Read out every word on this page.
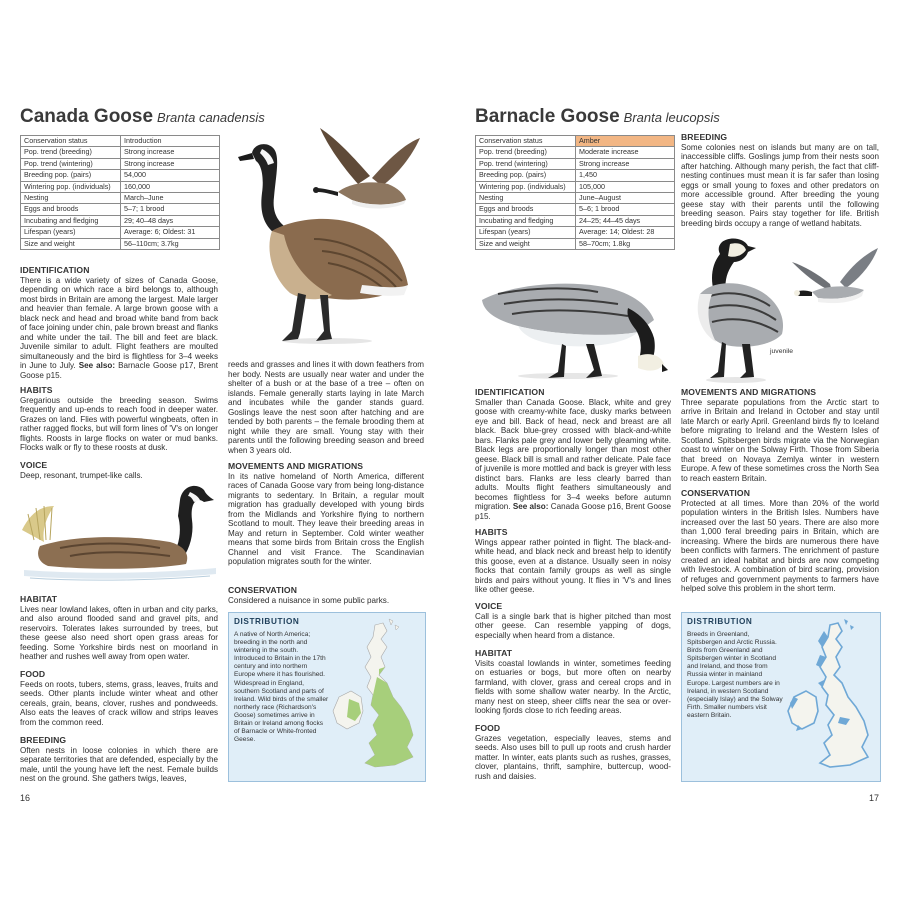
Canada Goose Branta canadensis
Conservation status	Introduction
Pop. trend (breeding)	Strong increase
Pop. trend (wintering)	Strong increase
Breeding pop. (pairs)	54,000
Wintering pop. (individuals)	160,000
Nesting	March–June
Eggs and broods	5–7; 1 brood
Incubating and fledging	29; 40–48 days
Lifespan (years)	Average: 6; Oldest: 31
Size and weight	56–110cm; 3.7kg
IDENTIFICATION

There is a wide variety of sizes of Canada Goose, depending on which race a bird belongs to, although most birds in Britain are among the largest. Male larger and heavier than female. A large brown goose with a black neck and head and broad white band from back of face joining under chin, pale brown breast and flanks and white under the tail. The bill and feet are black. Juvenile similar to adult. Flight feathers are moulted simultaneously and the bird is flightless for 3–4 weeks in June to July. See also: Barnacle Goose p17, Brent Goose p15.

HABITS

Gregarious outside the breeding season. Swims frequently and up-ends to reach food in deeper water. Grazes on land. Flies with powerful wingbeats, often in rather ragged flocks, but will form lines of 'V's on longer flights. Roosts in large flocks on water or mud banks. Flocks walk or fly to these roosts at dusk.

VOICE

Deep, resonant, trumpet-like calls.

HABITAT

Lives near lowland lakes, often in urban and city parks, and also around flooded sand and gravel pits, and reservoirs. Tolerates lakes surrounded by trees, but these geese also need short open grass areas for feeding. Some Yorkshire birds nest on moorland in heather and rushes well away from open water.

FOOD

Feeds on roots, tubers, stems, grass, leaves, fruits and seeds. Other plants include winter wheat and other cereals, grain, beans, clover, rushes and pondweeds. Also eats the leaves of crack willow and strips leaves from the common reed.

BREEDING

Often nests in loose colonies in which there are separate territories that are defended, especially by the male, until the young have left the nest. Female builds nest on the ground. She gathers twigs, leaves,

reeds and grasses and lines it with down feathers from her body. Nests are usually near water and under the shelter of a bush or at the base of a tree – often on islands. Female generally starts laying in late March and incubates while the gander stands guard. Goslings leave the nest soon after hatching and are tended by both parents – the female brooding them at night while they are small. Young stay with their parents until the following breeding season and breed when 3 years old.

MOVEMENTS AND MIGRATIONS

In its native homeland of North America, different races of Canada Goose vary from being long-distance migrants to sedentary. In Britain, a regular moult migration has gradually developed with young birds from the Midlands and Yorkshire flying to northern Scotland to moult. They leave their breeding areas in May and return in September. Cold winter weather means that some birds from Britain cross the English Channel and visit France. The Scandinavian population migrates south for the winter.

CONSERVATION

Considered a nuisance in some public parks.

DISTRIBUTION
A native of North America; breeding in the north and wintering in the south. Introduced to Britain in the 17th century and into northern Europe where it has flourished. Widespread in England, southern Scotland and parts of Ireland. Wild birds of the smaller northerly race (Richardson's Goose) sometimes arrive in Britain or Ireland among flocks of Barnacle or White-fronted Geese.
16
Barnacle Goose Branta leucopsis
Conservation status	Amber
Pop. trend (breeding)	Moderate increase
Pop. trend (wintering)	Strong increase
Breeding pop. (pairs)	1,450
Wintering pop. (individuals)	105,000
Nesting	June–August
Eggs and broods	5–6; 1 brood
Incubating and fledging	24–25; 44–45 days
Lifespan (years)	Average: 14; Oldest: 28
Size and weight	58–70cm; 1.8kg
BREEDING

Some colonies nest on islands but many are on tall, inaccessible cliffs. Goslings jump from their nests soon after hatching. Although many perish, the fact that cliff-nesting continues must mean it is far safer than losing eggs or small young to foxes and other predators on more accessible ground. After breeding the young geese stay with their parents until the following breeding season. Pairs stay together for life. British breeding birds occupy a range of wetland habitats.

juvenile
IDENTIFICATION

Smaller than Canada Goose. Black, white and grey goose with creamy-white face, dusky marks between eye and bill. Back of head, neck and breast are all black. Back blue-grey crossed with black-and-white bars. Flanks pale grey and lower belly gleaming white. Black legs are proportionally longer than most other geese. Black bill is small and rather delicate. Pale face of juvenile is more mottled and back is greyer with less distinct bars. Flanks are less clearly barred than adults. Moults flight feathers simultaneously and becomes flightless for 3–4 weeks before autumn migration. See also: Canada Goose p16, Brent Goose p15.

HABITS

Wings appear rather pointed in flight. The black-and-white head, and black neck and breast help to identify this goose, even at a distance. Usually seen in noisy flocks that contain family groups as well as single birds and pairs without young. It flies in 'V's and lines like other geese.

VOICE

Call is a single bark that is higher pitched than most other geese. Can resemble yapping of dogs, especially when heard from a distance.

HABITAT

Visits coastal lowlands in winter, sometimes feeding on estuaries or bogs, but more often on nearby farmland, with clover, grass and cereal crops and in fields with some shallow water nearby. In the Arctic, many nest on steep, sheer cliffs near the sea or over-looking fjords close to rich feeding areas.

FOOD

Grazes vegetation, especially leaves, stems and seeds. Also uses bill to pull up roots and crush harder matter. In winter, eats plants such as rushes, grasses, clover, plantains, thrift, samphire, buttercup, wood-rush and daisies.

MOVEMENTS AND MIGRATIONS

Three separate populations from the Arctic start to arrive in Britain and Ireland in October and stay until late March or early April. Greenland birds fly to Iceland before migrating to Ireland and the Western Isles of Scotland. Spitsbergen birds migrate via the Norwegian coast to winter on the Solway Firth. Those from Siberia that breed on Novaya Zemlya winter in western Europe. A few of these sometimes cross the North Sea to reach eastern Britain.

CONSERVATION

Protected at all times. More than 20% of the world population winters in the British Isles. Numbers have increased over the last 50 years. There are also more than 1,000 feral breeding pairs in Britain, which are increasing. Where the birds are numerous there have been conflicts with farmers. The enrichment of pasture created an ideal habitat and birds are now competing with livestock. A combination of bird scaring, provision of refuges and government payments to farmers have helped solve this problem in the short term.

DISTRIBUTION
Breeds in Greenland, Spitsbergen and Arctic Russia. Birds from Greenland and Spitsbergen winter in Scotland and Ireland, and those from Russia winter in mainland Europe. Largest numbers are in Ireland, in western Scotland (especially Islay) and the Solway Firth. Smaller numbers visit eastern Britain.
17
